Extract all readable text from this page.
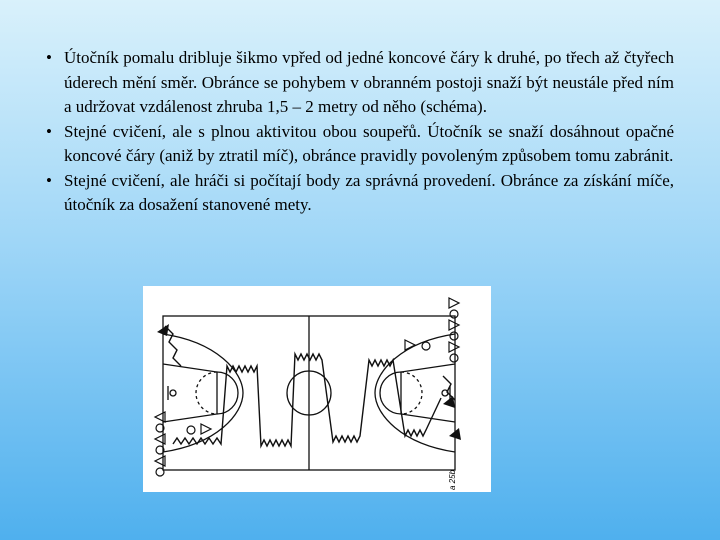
• Útočník pomalu dribluje šikmo vpřed od jedné koncové čáry k druhé, po třech až čtyřech úderech mění směr. Obránce se pohybem v obranném postoji snaží být neustále před ním a udržovat vzdálenost zhruba 1,5 – 2 metry od něho (schéma).
• Stejné cvičení, ale s plnou aktivitou obou soupeřů. Útočník se snaží dosáhnout opačné koncové čáry (aniž by ztratil míč), obránce pravidly povoleným způsobem tomu zabránit.
• Stejné cvičení, ale hráči si počítají body za správná provedení. Obránce za získání míče, útočník za dosažení stanovené mety.
a 25b
